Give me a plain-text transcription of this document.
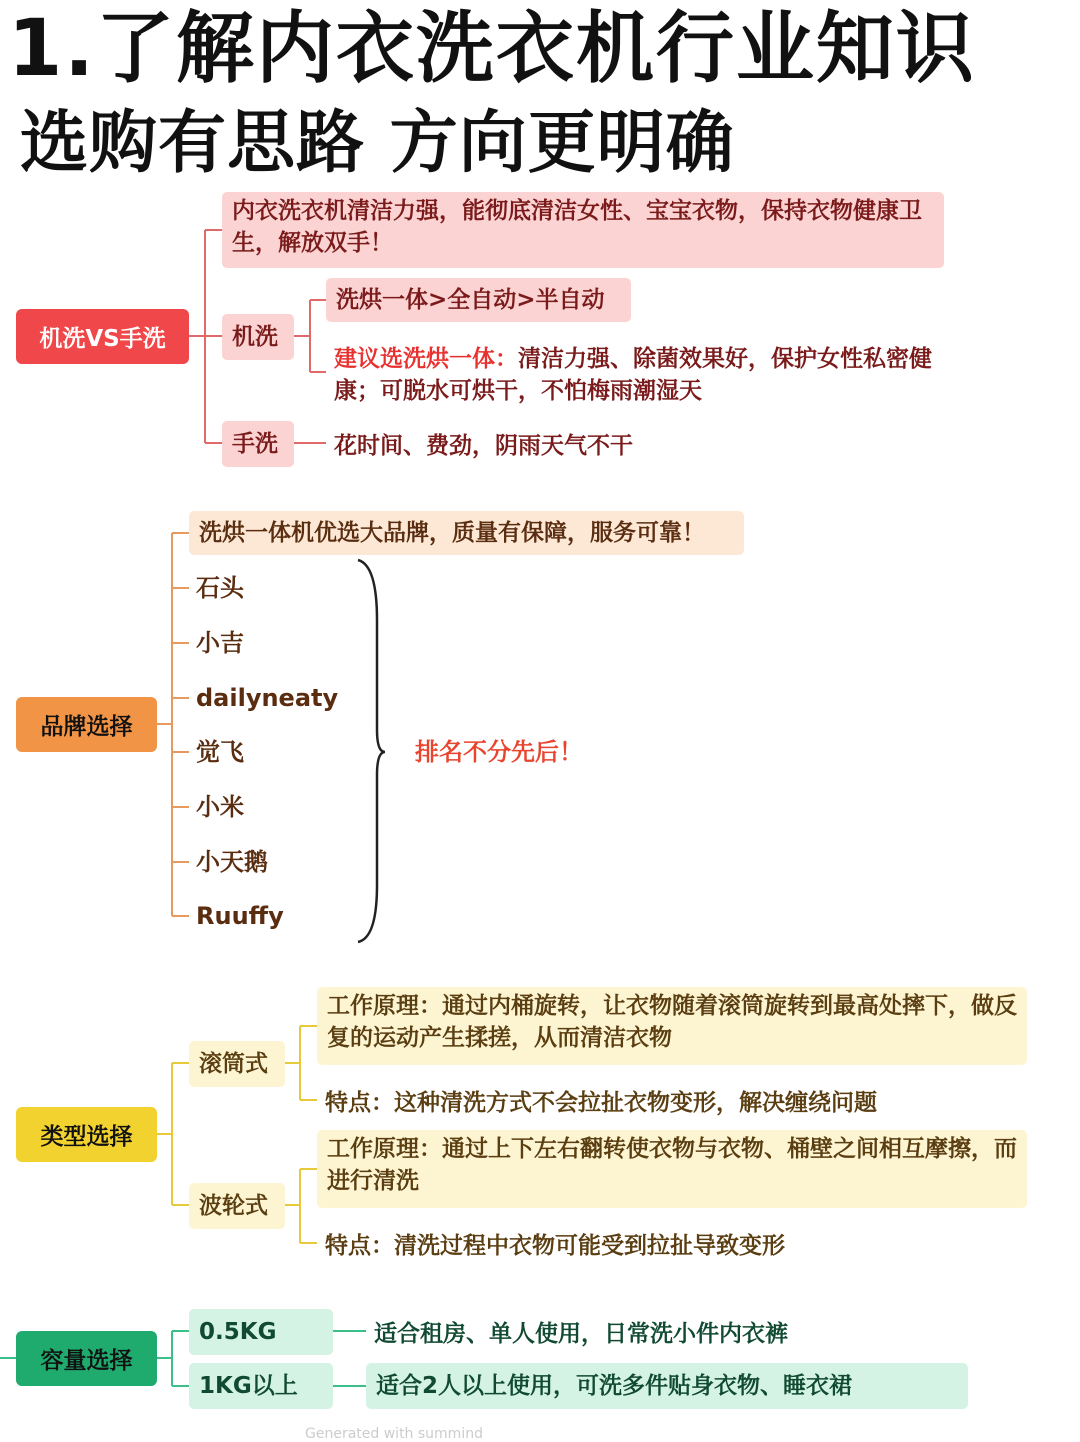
1.了解内衣洗衣机行业知识
选购有思路 方向更明确
机洗VS手洗
内衣洗衣机清洁力强，能彻底清洁女性、宝宝衣物，保持衣物健康卫生，解放双手！
机洗
洗烘一体>全自动>半自动
建议选洗烘一体：清洁力强、除菌效果好，保护女性私密健康；可脱水可烘干，不怕梅雨潮湿天
手洗	花时间、费劲，阴雨天气不干
品牌选择
洗烘一体机优选大品牌，质量有保障，服务可靠！
石头
小吉
dailyneaty
觉飞
小米
小天鹅
Ruuffy
排名不分先后！
类型选择
滚筒式
工作原理：通过内桶旋转，让衣物随着滚筒旋转到最高处摔下，做反复的运动产生揉搓，从而清洁衣物
特点：这种清洗方式不会拉扯衣物变形，解决缠绕问题
波轮式
工作原理：通过上下左右翻转使衣物与衣物、桶壁之间相互摩擦，而进行清洗
特点：清洗过程中衣物可能受到拉扯导致变形
容量选择
0.5KG	适合租房、单人使用，日常洗小件内衣裤
1KG以上	适合2人以上使用，可洗多件贴身衣物、睡衣裙
Generated with summind
